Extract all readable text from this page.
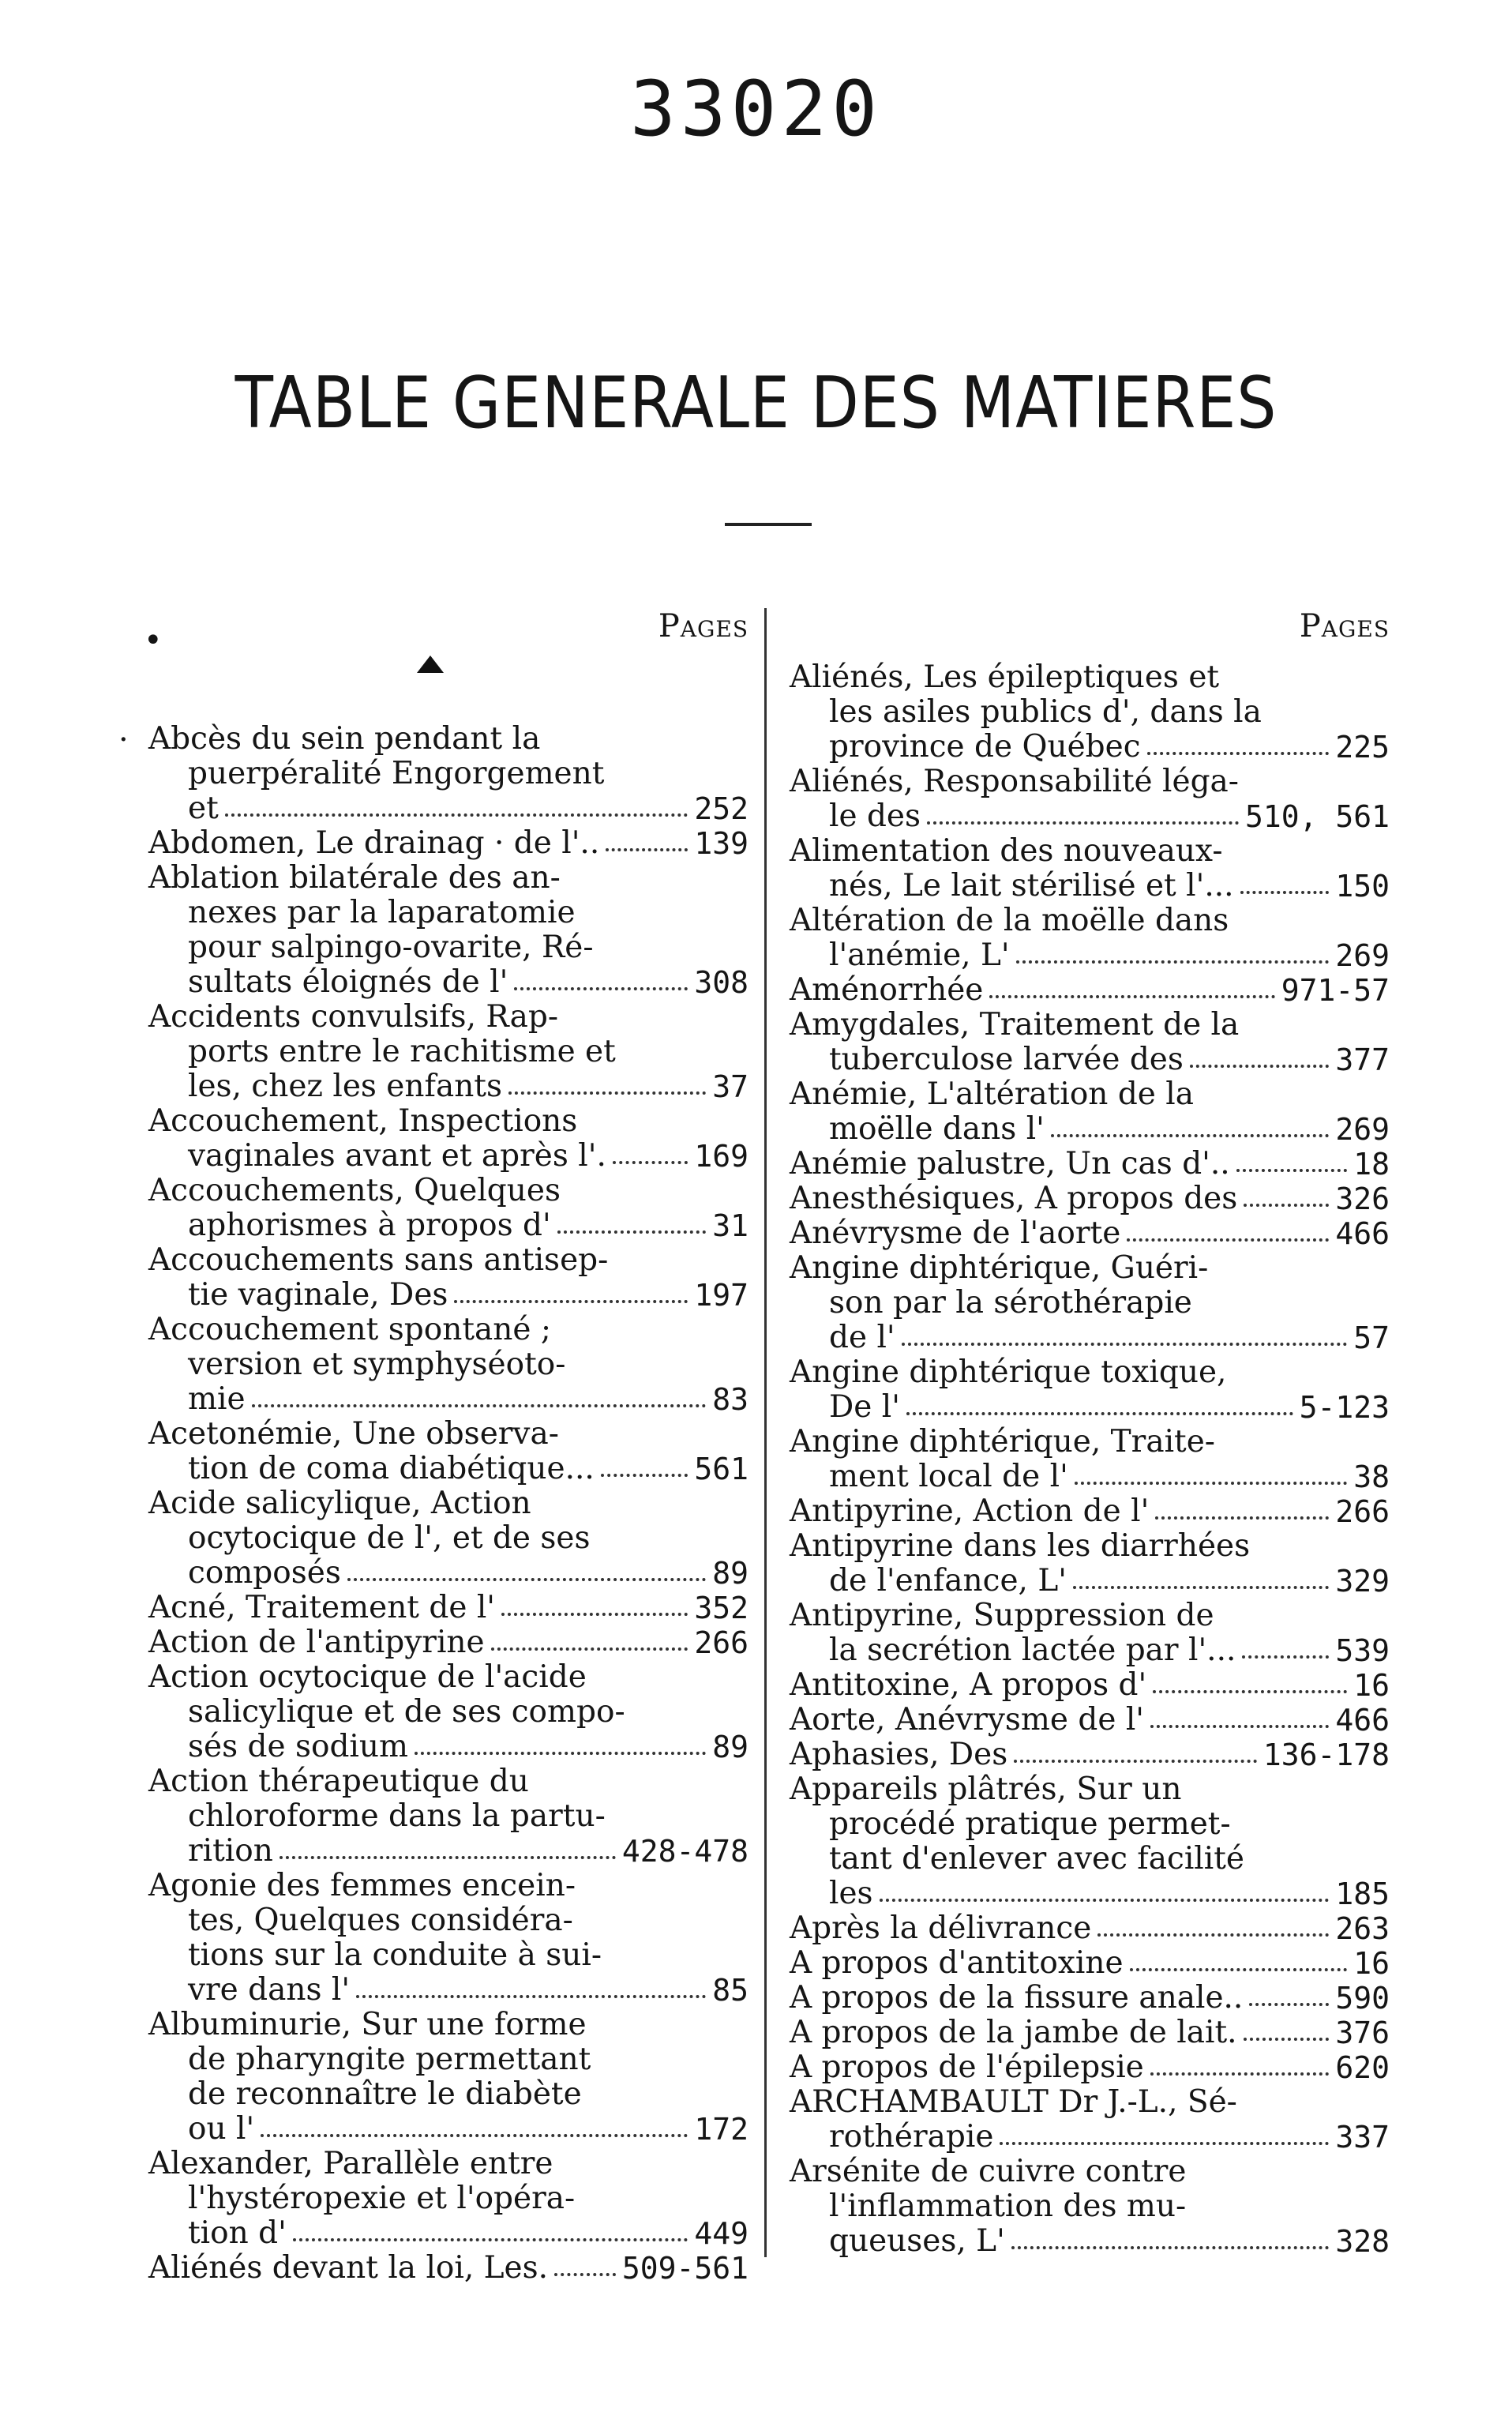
33020
TABLE GENERALE DES MATIERES
•
·
Pages
Abcès du sein pendant la
puerpéralité Engorgement
et	252
Abdomen, Le drainag · de l'..	139
Ablation bilatérale des an-
nexes par la laparatomie
pour salpingo-ovarite, Ré-
sultats éloignés de l'	308
Accidents convulsifs, Rap-
ports entre le rachitisme et
les, chez les enfants	37
Accouchement, Inspections
vaginales avant et après l'.	169
Accouchements, Quelques
aphorismes à propos d'	31
Accouchements sans antisep-
tie vaginale, Des	197
Accouchement spontané ;
version et symphyséoto-
mie	83
Acetonémie, Une observa-
tion de coma diabétique...	561
Acide salicylique, Action
ocytocique de l', et de ses
composés	89
Acné, Traitement de l'	352
Action de l'antipyrine	266
Action ocytocique de l'acide
salicylique et de ses compo-
sés de sodium	89
Action thérapeutique du
chloroforme dans la partu-
rition	428-478
Agonie des femmes encein-
tes, Quelques considéra-
tions sur la conduite à sui-
vre dans l'	85
Albuminurie, Sur une forme
de pharyngite permettant
de reconnaître le diabète
ou l'	172
Alexander, Parallèle entre
l'hystéropexie et l'opéra-
tion d'	449
Aliénés devant la loi, Les. 509-561
Pages
Aliénés, Les épileptiques et
les asiles publics d', dans la
province de Québec	225
Aliénés, Responsabilité léga-
le des	510, 561
Alimentation des nouveaux-
nés, Le lait stérilisé et l'...	150
Altération de la moëlle dans
l'anémie, L'	269
Aménorrhée	971-57
Amygdales, Traitement de la
tuberculose larvée des	377
Anémie, L'altération de la
moëlle dans l'	269
Anémie palustre, Un cas d'..	18
Anesthésiques, A propos des	326
Anévrysme de l'aorte	466
Angine diphtérique, Guéri-
son par la sérothérapie
de l'	57
Angine diphtérique toxique,
De l'	5-123
Angine diphtérique, Traite-
ment local de l'	38
Antipyrine, Action de l'	266
Antipyrine dans les diarrhées
de l'enfance, L'	329
Antipyrine, Suppression de
la secrétion lactée par l'...	539
Antitoxine, A propos d'	16
Aorte, Anévrysme de l'	466
Aphasies, Des	136-178
Appareils plâtrés, Sur un
procédé pratique permet-
tant d'enlever avec facilité
les	185
Après la délivrance	263
A propos d'antitoxine	16
A propos de la fissure anale..	590
A propos de la jambe de lait.	376
A propos de l'épilepsie	620
ARCHAMBAULT Dr J.-L., Sé-
rothérapie	337
Arsénite de cuivre contre
l'inflammation des mu-
queuses, L'	328
